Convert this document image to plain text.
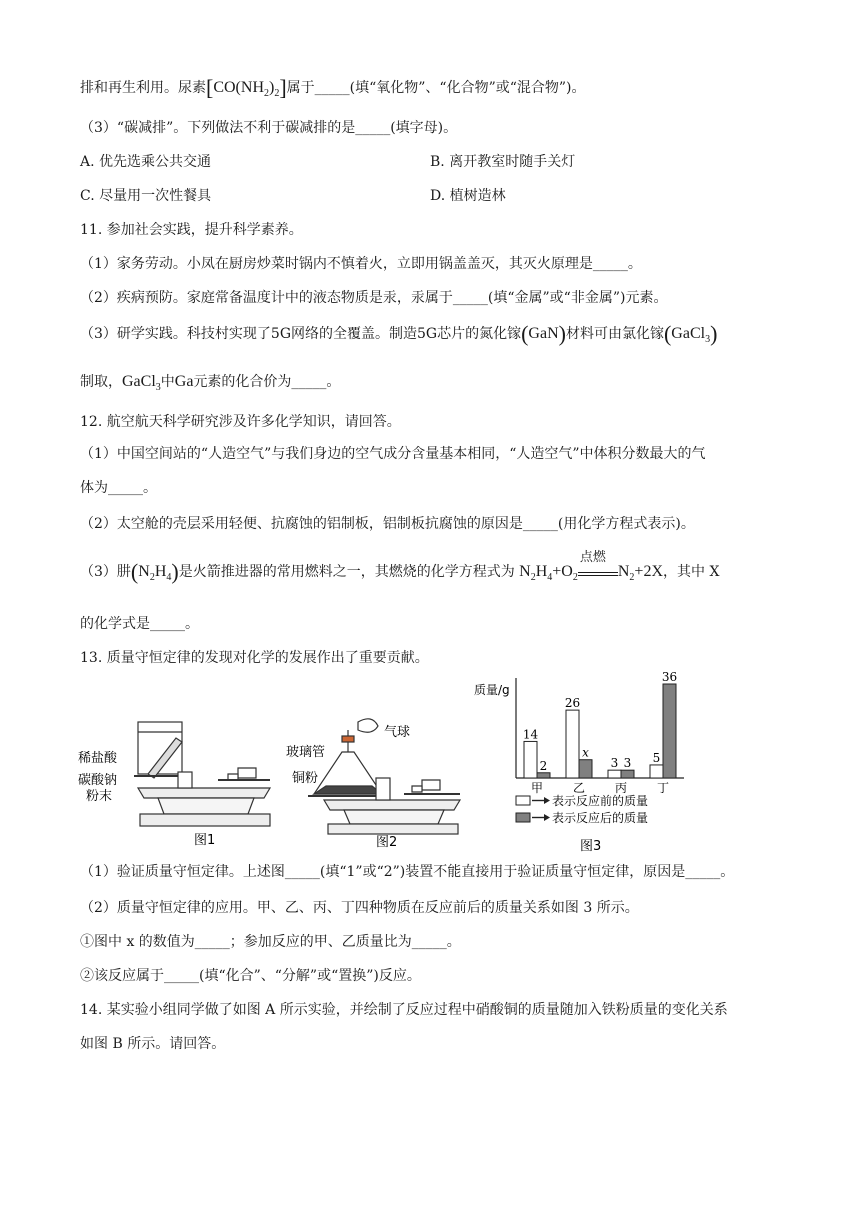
排和再生利用。尿素$[CO(NH_2)_2]$属于_____(填“氧化物”、“化合物”或“混合物”)。
（3）“碳减排”。下列做法不利于碳减排的是_____(填字母)。
A. 优先选乘公共交通	B. 离开教室时随手关灯
C. 尽量用一次性餐具	D. 植树造林
11. 参加社会实践，提升科学素养。
（1）家务劳动。小凤在厨房炒菜时锅内不慎着火，立即用锅盖盖灭，其灭火原理是_____。
（2）疾病预防。家庭常备温度计中的液态物质是汞，汞属于_____(填“金属”或“非金属”)元素。
（3）研学实践。科技村实现了5G网络的全覆盖。制造5G芯片的氮化镓(GaN)材料可由氯化镓(GaCl$_3$)
制取，GaCl$_3$中Ga元素的化合价为_____。
12. 航空航天科学研究涉及许多化学知识，请回答。
（1）中国空间站的“人造空气”与我们身边的空气成分含量基本相同，“人造空气”中体积分数最大的气
体为_____。
（2）太空舱的壳层采用轻便、抗腐蚀的铝制板，铝制板抗腐蚀的原因是_____(用化学方程式表示)。
（3）肼$(N_2H_4)$是火箭推进器的常用燃料之一，其燃烧的化学方程式为 $N_2H_4+O_2$
点燃
$N_2+2X$，其中 X
的化学式是_____。
13. 质量守恒定律的发现对化学的发展作出了重要贡献。
稀盐酸
碳酸钠
粉末
图1
玻璃管
气球
铜粉
图2
14
2
甲
26
x
乙
3 3
丙
5
36
丁
质量/g
表示反应前的质量
表示反应后的质量
图3
（1）验证质量守恒定律。上述图_____(填“1”或“2”)装置不能直接用于验证质量守恒定律，原因是_____。
（2）质量守恒定律的应用。甲、乙、丙、丁四种物质在反应前后的质量关系如图 3 所示。
①图中 x 的数值为_____；参加反应的甲、乙质量比为_____。
②该反应属于_____(填“化合”、“分解”或“置换”)反应。
14. 某实验小组同学做了如图 A 所示实验，并绘制了反应过程中硝酸铜的质量随加入铁粉质量的变化关系
如图 B 所示。请回答。
